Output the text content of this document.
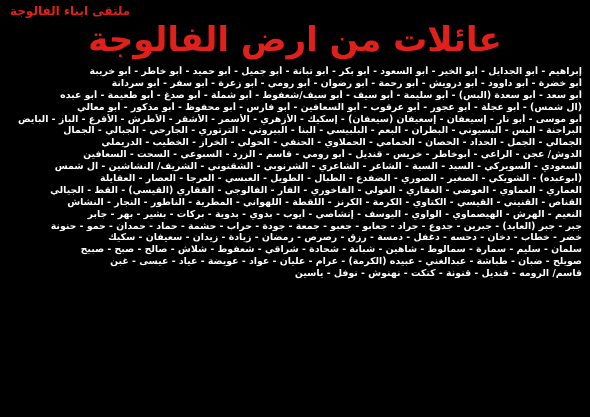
ملتقى ابناء الفالوجة
عائلات من ارض الفالوجة
إبراهيم - أبو الجدايل - أبو الخير - أبو السعود - أبو بكر - أبو تبانة - أبو جميل - أبو حميد - أبو خاطر - أبو خريبة
أبو خضرة - أبو داوود - أبو درويش - أبو رحمة - أبو رضوان - أبو رومي - أبو زعرة - أبو سفر - أبو سردانة
أبو سعد - أبو سعدة (البس) - أبو سليمة - أبو سيف - أبو سيف/شعفوط - أبو شملة - أبو صدغ - أبو طعيمة - أبو عبده
(آل شمس) - أبو عجلة - أبو عجور - أبو عرقوب - أبو السعافين - أبو فارس - أبو محفوظ - أبو مذكور - أبو معالي
أبو موسى - أبو نار - إسيعفان - إسعيفان (سيعفان) - إسكيك - الأزهري - الأسمر - الأشقر - الأطرش - الأقرع - الباز - البايض
البراجنة - البس - البسيوني - البطران - البعم - البلبيسي - البنا - البيروتي - الترتوري - الجارحي - الجبالي - الجمال
الجمالي - الجمل - الحداد - الحصان - الحمامي - الحملاوي - الحنفي - الحولي - الخراز - الخطيب - الدريملي
الدوش/ عجن - الراعي - أبوخاطر - خريس - قنديل - أبو رومي - قاسم - الزرد - السبوعي - السحت - السعافين
السعودي - السويركي - السيد - السية - الشاعر - الشاعري - الشرنوبي - الشقنوني - الشريف/ النشاشين - آل شمس
(أبوعبده) - الشويكي - الصغير - الصوري - الضفدع - الطبال - الطويل - العبسي - العرجا - العصار - العقايلة
العماري - العماوي - العوضي - الغفاري - الغولي - الفاخوري - الفار - الفالوجي - الفقاري (القيسي) - القط - الجيالي
القناص - القنيني - القيسي - الكتاوي - الكرمة - الكرنز - اللقطة - اللهواني - المطرية - الناطور - النجار - النشاش
النعيم - الهرش - الهيصماوي - الواوي - اليوسف - إنشاصي - أيوب - بدوي - بدوية - بركات - بشير - بهر - جابر
جبر - جبر (العايد) - جبرين - جدوع - جراد - جعابو - جعبو - جمعة - جودة - حراب - حشمة - حماد - حمدان - حمو - حنونة
خضر - خطاب - دخان - دحسه - دغفل - دمسة - رزق - رصرص - رمضان - زيادة - زيدان - سعيفان - سكيك
سلمان - سليم - سمارة - سمالوط - شاهين - شبانة - شحادة - شراقي - شعفوط - شلاش - صالح - صبح - صبيح
صويلح - ضبان - طباشة - عبدالغني - عبيده (الكرمة) - عرام - عليان - عواد - عويضة - عياد - عيسى - غبن
قاسم/ الرومه - قنديل - قنونة - كتكت - نهنوش - نوفل - ياسين
